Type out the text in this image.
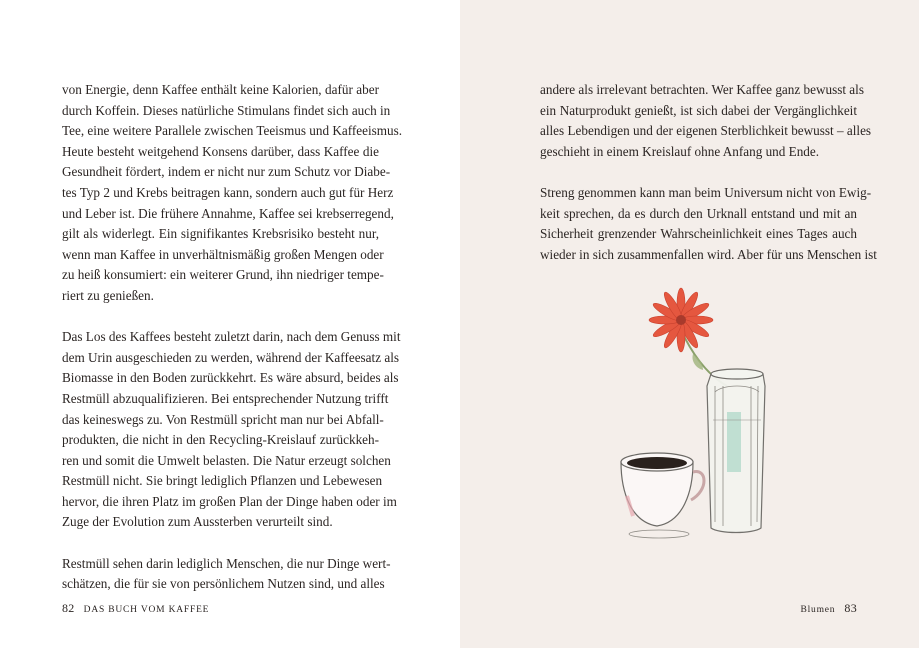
von Energie, denn Kaffee enthält keine Kalorien, dafür aber
durch Koffein. Dieses natürliche Stimulans findet sich auch in
Tee, eine weitere Parallele zwischen Teeismus und Kaffeeismus.
Heute besteht weitgehend Konsens darüber, dass Kaffee die
Gesundheit fördert, indem er nicht nur zum Schutz vor Diabe-
tes Typ 2 und Krebs beitragen kann, sondern auch gut für Herz
und Leber ist. Die frühere Annahme, Kaffee sei krebserregend,
gilt als widerlegt. Ein signifikantes Krebsrisiko besteht nur,
wenn man Kaffee in unverhältnismäßig großen Mengen oder
zu heiß konsumiert: ein weiterer Grund, ihn niedriger tempe-
riert zu genießen.

Das Los des Kaffees besteht zuletzt darin, nach dem Genuss mit
dem Urin ausgeschieden zu werden, während der Kaffeesatz als
Biomasse in den Boden zurückkehrt. Es wäre absurd, beides als
Restmüll abzuqualifizieren. Bei entsprechender Nutzung trifft
das keineswegs zu. Von Restmüll spricht man nur bei Abfall-
produkten, die nicht in den Recycling-Kreislauf zurückkeh-
ren und somit die Umwelt belasten. Die Natur erzeugt solchen
Restmüll nicht. Sie bringt lediglich Pflanzen und Lebewesen
hervor, die ihren Platz im großen Plan der Dinge haben oder im
Zuge der Evolution zum Aussterben verurteilt sind.

Restmüll sehen darin lediglich Menschen, die nur Dinge wert-
schätzen, die für sie von persönlichem Nutzen sind, und alles

82 DAS BUCH VOM KAFFEE

andere als irrelevant betrachten. Wer Kaffee ganz bewusst als
ein Naturprodukt genießt, ist sich dabei der Vergänglichkeit
alles Lebendigen und der eigenen Sterblichkeit bewusst – alles
geschieht in einem Kreislauf ohne Anfang und Ende.

Streng genommen kann man beim Universum nicht von Ewig-
keit sprechen, da es durch den Urknall entstand und mit an
Sicherheit grenzender Wahrscheinlichkeit eines Tages auch
wieder in sich zusammenfallen wird. Aber für uns Menschen ist

Blumen 83
